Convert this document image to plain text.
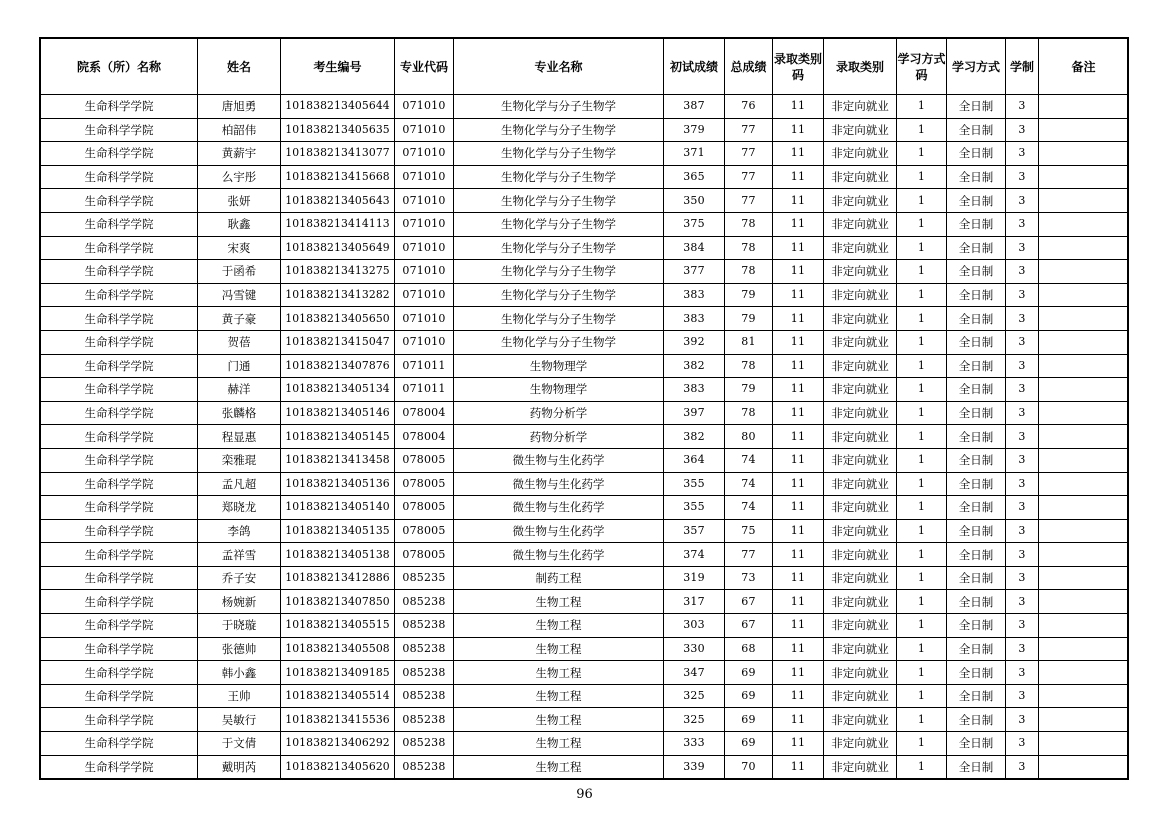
院系（所）名称	姓名	考生编号	专业代码	专业名称	初试成绩	总成绩	录取类别码	录取类别	学习方式码	学习方式	学制	备注
生命科学学院	唐旭勇	101838213405644	071010	生物化学与分子生物学	387	76	11	非定向就业	1	全日制	3	
生命科学学院	柏韶伟	101838213405635	071010	生物化学与分子生物学	379	77	11	非定向就业	1	全日制	3	
生命科学学院	黄薪宇	101838213413077	071010	生物化学与分子生物学	371	77	11	非定向就业	1	全日制	3	
生命科学学院	么宇彤	101838213415668	071010	生物化学与分子生物学	365	77	11	非定向就业	1	全日制	3	
生命科学学院	张妍	101838213405643	071010	生物化学与分子生物学	350	77	11	非定向就业	1	全日制	3	
生命科学学院	耿鑫	101838213414113	071010	生物化学与分子生物学	375	78	11	非定向就业	1	全日制	3	
生命科学学院	宋爽	101838213405649	071010	生物化学与分子生物学	384	78	11	非定向就业	1	全日制	3	
生命科学学院	于函希	101838213413275	071010	生物化学与分子生物学	377	78	11	非定向就业	1	全日制	3	
生命科学学院	冯雪键	101838213413282	071010	生物化学与分子生物学	383	79	11	非定向就业	1	全日制	3	
生命科学学院	黄子豪	101838213405650	071010	生物化学与分子生物学	383	79	11	非定向就业	1	全日制	3	
生命科学学院	贺蓓	101838213415047	071010	生物化学与分子生物学	392	81	11	非定向就业	1	全日制	3	
生命科学学院	门通	101838213407876	071011	生物物理学	382	78	11	非定向就业	1	全日制	3	
生命科学学院	赫洋	101838213405134	071011	生物物理学	383	79	11	非定向就业	1	全日制	3	
生命科学学院	张麟格	101838213405146	078004	药物分析学	397	78	11	非定向就业	1	全日制	3	
生命科学学院	程显惠	101838213405145	078004	药物分析学	382	80	11	非定向就业	1	全日制	3	
生命科学学院	栾雅琨	101838213413458	078005	微生物与生化药学	364	74	11	非定向就业	1	全日制	3	
生命科学学院	孟凡超	101838213405136	078005	微生物与生化药学	355	74	11	非定向就业	1	全日制	3	
生命科学学院	郑晓龙	101838213405140	078005	微生物与生化药学	355	74	11	非定向就业	1	全日制	3	
生命科学学院	李鸽	101838213405135	078005	微生物与生化药学	357	75	11	非定向就业	1	全日制	3	
生命科学学院	孟祥雪	101838213405138	078005	微生物与生化药学	374	77	11	非定向就业	1	全日制	3	
生命科学学院	乔子安	101838213412886	085235	制药工程	319	73	11	非定向就业	1	全日制	3	
生命科学学院	杨婉新	101838213407850	085238	生物工程	317	67	11	非定向就业	1	全日制	3	
生命科学学院	于晓璇	101838213405515	085238	生物工程	303	67	11	非定向就业	1	全日制	3	
生命科学学院	张德帅	101838213405508	085238	生物工程	330	68	11	非定向就业	1	全日制	3	
生命科学学院	韩小鑫	101838213409185	085238	生物工程	347	69	11	非定向就业	1	全日制	3	
生命科学学院	王帅	101838213405514	085238	生物工程	325	69	11	非定向就业	1	全日制	3	
生命科学学院	吴敏行	101838213415536	085238	生物工程	325	69	11	非定向就业	1	全日制	3	
生命科学学院	于文倩	101838213406292	085238	生物工程	333	69	11	非定向就业	1	全日制	3	
生命科学学院	戴明芮	101838213405620	085238	生物工程	339	70	11	非定向就业	1	全日制	3	
96
